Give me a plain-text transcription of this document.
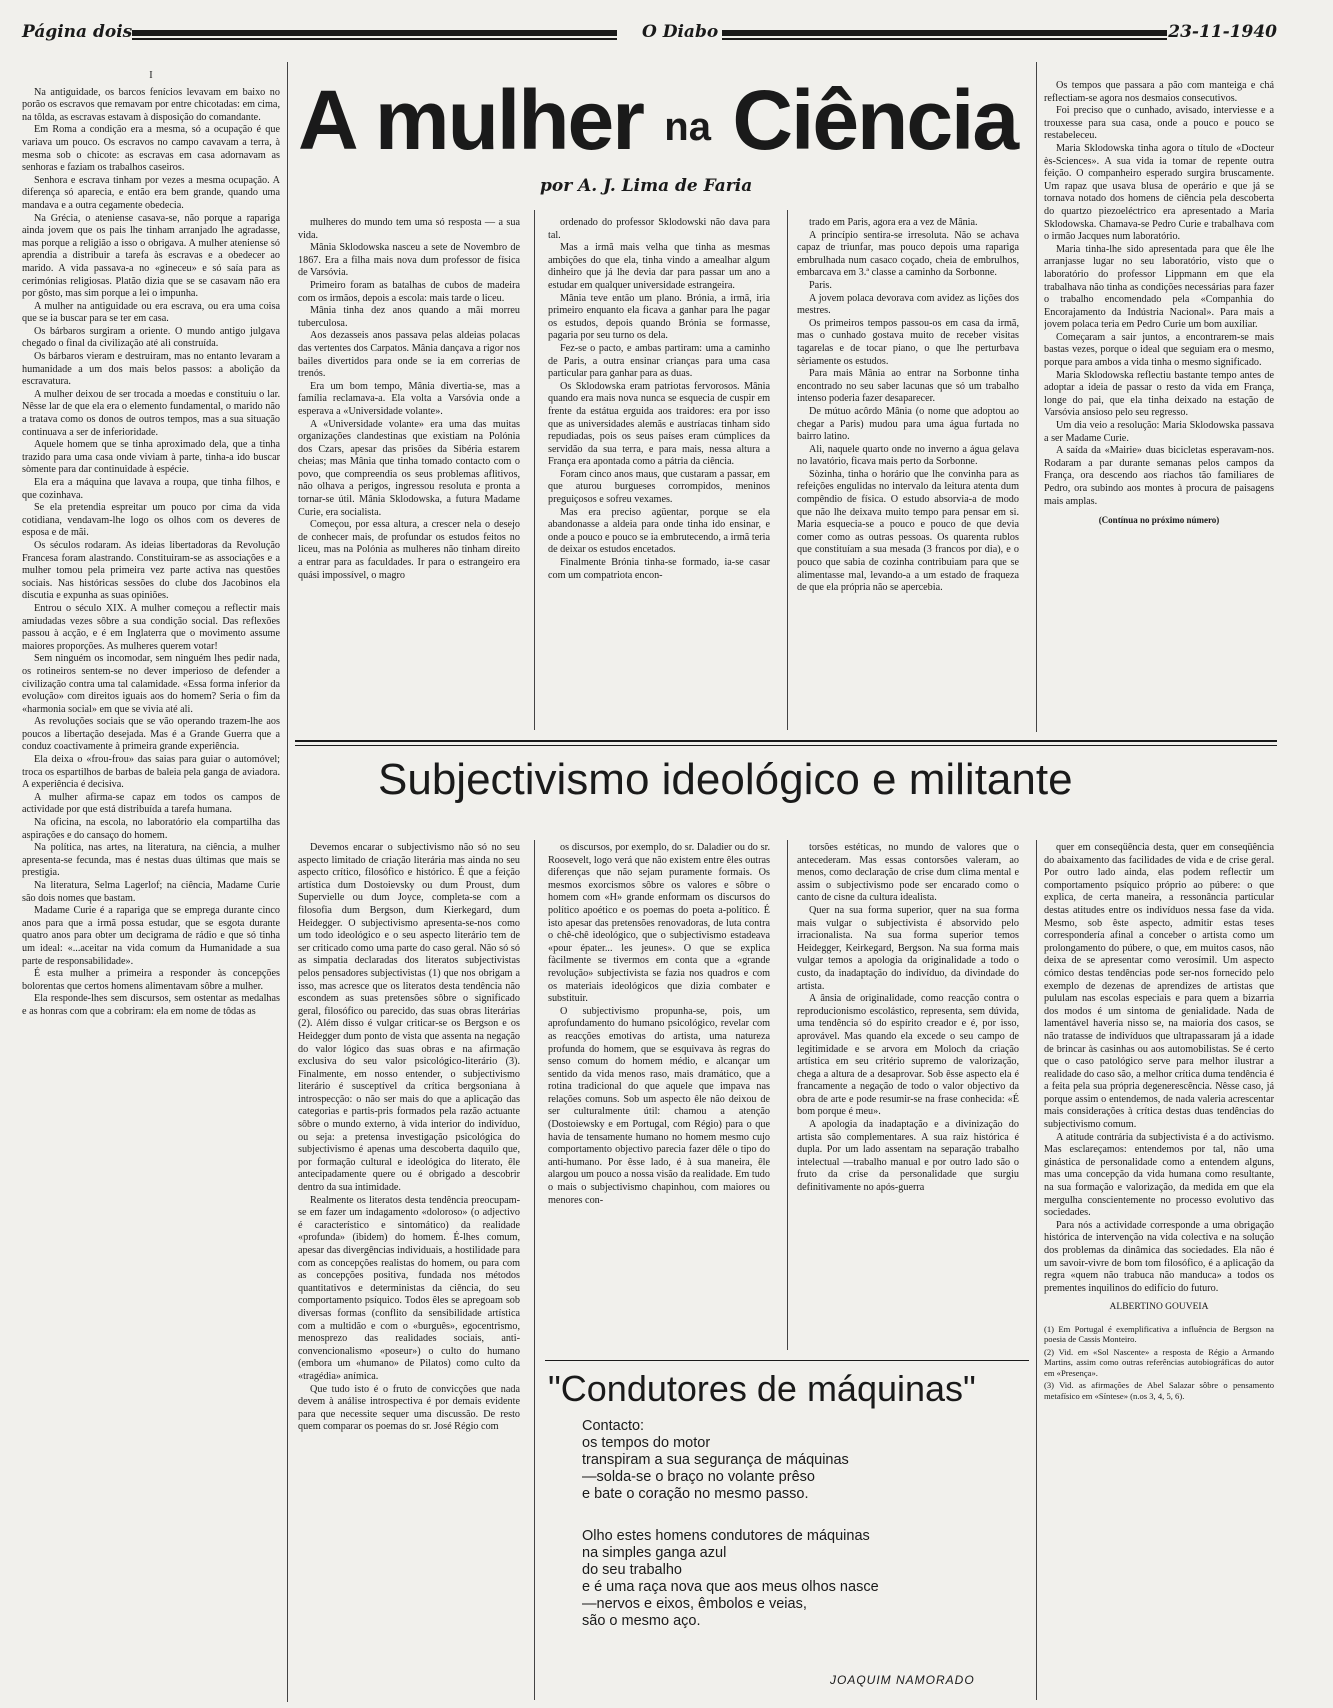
Página dois	O Diabo	23-11-1940

I

Na antiguidade, os barcos fenícios levavam em baixo no porão os escravos que remavam por entre chicotadas: em cima, na tôlda, as escravas estavam à disposição do comandante.

Em Roma a condição era a mesma, só a ocupação é que variava um pouco. Os escravos no campo cavavam a terra, à mesma sob o chicote: as escravas em casa adornavam as senhoras e faziam os trabalhos caseiros.

Senhora e escrava tinham por vezes a mesma ocupação. A diferença só aparecia, e então era bem grande, quando uma mandava e a outra cegamente obedecia.

Na Grécia, o ateniense casava-se, não porque a rapariga ainda jovem que os pais lhe tinham arranjado lhe agradasse, mas porque a religião a isso o obrigava. A mulher ateniense só aprendia a distribuir a tarefa às escravas e a obedecer ao marido. A vida passava-a no «gineceu» e só saía para as cerimónias religiosas. Platão dizia que se se casavam não era por gôsto, mas sim porque a lei o impunha.

A mulher na antiguidade ou era escrava, ou era uma coisa que se ia buscar para se ter em casa.

Os bárbaros surgiram a oriente. O mundo antigo julgava chegado o final da civilização até ali construída.

Os bárbaros vieram e destruiram, mas no entanto levaram a humanidade a um dos mais belos passos: a abolição da escravatura.

A mulher deixou de ser trocada a moedas e constituiu o lar. Nêsse lar de que ela era o elemento fundamental, o marido não a tratava como os donos de outros tempos, mas a sua situação continuava a ser de inferioridade.

Aquele homem que se tinha aproximado dela, que a tinha trazido para uma casa onde viviam à parte, tinha-a ido buscar sòmente para dar continuidade à espécie.

Ela era a máquina que lavava a roupa, que tinha filhos, e que cozinhava.

Se ela pretendia espreitar um pouco por cima da vida cotidiana, vendavam-lhe logo os olhos com os deveres de esposa e de mãi.

Os séculos rodaram. As ideias libertadoras da Revolução Francesa foram alastrando. Constituiram-se as associações e a mulher tomou pela primeira vez parte activa nas questões sociais. Nas históricas sessões do clube dos Jacobinos ela discutia e expunha as suas opiniões.

Entrou o século XIX. A mulher começou a reflectir mais amiudadas vezes sôbre a sua condição social. Das reflexões passou à acção, e é em Inglaterra que o movimento assume maiores proporções. As mulheres querem votar!

Sem ninguém os incomodar, sem ninguém lhes pedir nada, os rotineiros sentem-se no dever imperioso de defender a civilização contra uma tal calamidade. «Essa forma inferior da evolução» com direitos iguais aos do homem? Seria o fim da «harmonia social» em que se vivia até ali.

As revoluções sociais que se vão operando trazem-lhe aos poucos a libertação desejada. Mas é a Grande Guerra que a conduz coactivamente à primeira grande experiência.

Ela deixa o «frou-frou» das saias para guiar o automóvel; troca os espartilhos de barbas de baleia pela ganga de aviadora. A experiência é decisiva.

A mulher afirma-se capaz em todos os campos de actividade por que está distribuída a tarefa humana.

Na oficina, na escola, no laboratório ela compartilha das aspirações e do cansaço do homem.

Na política, nas artes, na literatura, na ciência, a mulher apresenta-se fecunda, mas é nestas duas últimas que mais se prestigia.

Na literatura, Selma Lagerlof; na ciência, Madame Curie são dois nomes que bastam.

Madame Curie é a rapariga que se emprega durante cinco anos para que a irmã possa estudar, que se esgota durante quatro anos para obter um decigrama de rádio e que só tinha um ideal: «...aceitar na vida comum da Humanidade a sua parte de responsabilidade».

É esta mulher a primeira a responder às concepções bolorentas que certos homens alimentavam sôbre a mulher.

Ela responde-lhes sem discursos, sem ostentar as medalhas e as honras com que a cobriram: ela em nome de tôdas as

A mulher na Ciência
por A. J. Lima de Faria

mulheres do mundo tem uma só resposta — a sua vida.

Mânia Sklodowska nasceu a sete de Novembro de 1867. Era a filha mais nova dum professor de física de Varsóvia.

Primeiro foram as batalhas de cubos de madeira com os irmãos, depois a escola: mais tarde o liceu.

Mânia tinha dez anos quando a mãi morreu tuberculosa.

Aos dezasseis anos passava pelas aldeias polacas das vertentes dos Carpatos. Mânia dançava a rigor nos bailes divertidos para onde se ia em correrias de trenós.

Era um bom tempo, Mânia divertia-se, mas a família reclamava-a. Ela volta a Varsóvia onde a esperava a «Universidade volante».

A «Universidade volante» era uma das muitas organizações clandestinas que existiam na Polónia dos Czars, apesar das prisões da Sibéria estarem cheias; mas Mânia que tinha tomado contacto com o povo, que compreendia os seus problemas aflitivos, não olhava a perigos, ingressou resoluta e pronta a tornar-se útil. Mânia Sklodowska, a futura Madame Curie, era socialista.

Começou, por essa altura, a crescer nela o desejo de conhecer mais, de profundar os estudos feitos no liceu, mas na Polónia as mulheres não tinham direito a entrar para as faculdades. Ir para o estrangeiro era quási impossível, o magro

ordenado do professor Sklodowski não dava para tal.

Mas a irmã mais velha que tinha as mesmas ambições do que ela, tinha vindo a amealhar algum dinheiro que já lhe devia dar para passar um ano a estudar em qualquer universidade estrangeira.

Mânia teve então um plano. Brónia, a irmã, iria primeiro enquanto ela ficava a ganhar para lhe pagar os estudos, depois quando Brónia se formasse, pagaria por seu turno os dela.

Fez-se o pacto, e ambas partiram: uma a caminho de Paris, a outra ensinar crianças para uma casa particular para ganhar para as duas.

Os Sklodowska eram patriotas fervorosos. Mânia quando era mais nova nunca se esquecia de cuspir em frente da estátua erguida aos traidores: era por isso que as universidades alemãs e austríacas tinham sido repudiadas, pois os seus países eram cúmplices da servidão da sua terra, e para mais, nessa altura a França era apontada como a pátria da ciência.

Foram cinco anos maus, que custaram a passar, em que aturou burgueses corrompidos, meninos preguiçosos e sofreu vexames.

Mas era preciso agüentar, porque se ela abandonasse a aldeia para onde tinha ido ensinar, e onde a pouco e pouco se ia embrutecendo, a irmã teria de deixar os estudos encetados.

Finalmente Brónia tinha-se formado, ia-se casar com um compatriota encon-

trado em Paris, agora era a vez de Mânia.

A princípio sentira-se irresoluta. Não se achava capaz de triunfar, mas pouco depois uma rapariga embrulhada num casaco coçado, cheia de embrulhos, embarcava em 3.ª classe a caminho da Sorbonne.

Paris.

A jovem polaca devorava com avidez as lições dos mestres.

Os primeiros tempos passou-os em casa da irmã, mas o cunhado gostava muito de receber visitas tagarelas e de tocar piano, o que lhe perturbava sèriamente os estudos.

Para mais Mânia ao entrar na Sorbonne tinha encontrado no seu saber lacunas que só um trabalho intenso poderia fazer desaparecer.

De mútuo acôrdo Mânia (o nome que adoptou ao chegar a Paris) mudou para uma água furtada no bairro latino.

Ali, naquele quarto onde no inverno a água gelava no lavatório, ficava mais perto da Sorbonne.

Sòzinha, tinha o horário que lhe convinha para as refeições engulidas no intervalo da leitura atenta dum compêndio de física. O estudo absorvia-a de modo que não lhe deixava muito tempo para pensar em si. Maria esquecia-se a pouco e pouco de que devia comer como as outras pessoas. Os quarenta rublos que constituíam a sua mesada (3 francos por dia), e o pouco que sabia de cozinha contribuiam para que se alimentasse mal, levando-a a um estado de fraqueza de que ela própria não se apercebia.

Os tempos que passara a pão com manteiga e chá reflectiam-se agora nos desmaios consecutivos.

Foi preciso que o cunhado, avisado, interviesse e a trouxesse para sua casa, onde a pouco e pouco se restabeleceu.

Maria Sklodowska tinha agora o título de «Docteur ès-Sciences». A sua vida ia tomar de repente outra feição. O companheiro esperado surgira bruscamente. Um rapaz que usava blusa de operário e que já se tornava notado dos homens de ciência pela descoberta do quartzo piezoeléctrico era apresentado a Maria Sklodowska. Chamava-se Pedro Curie e trabalhava com o irmão Jacques num laboratório.

Maria tinha-lhe sido apresentada para que êle lhe arranjasse lugar no seu laboratório, visto que o laboratório do professor Lippmann em que ela trabalhava não tinha as condições necessárias para fazer o trabalho encomendado pela «Companhia do Encorajamento da Indústria Nacional». Para mais a jovem polaca teria em Pedro Curie um bom auxiliar.

Começaram a sair juntos, a encontrarem-se mais bastas vezes, porque o ideal que seguiam era o mesmo, porque para ambos a vida tinha o mesmo significado.

Maria Sklodowska reflectiu bastante tempo antes de adoptar a ideia de passar o resto da vida em França, longe do pai, que ela tinha deixado na estação de Varsóvia ansioso pelo seu regresso.

Um dia veio a resolução: Maria Sklodowska passava a ser Madame Curie.

A saída da «Mairie» duas bicicletas esperavam-nos. Rodaram a par durante semanas pelos campos da França, ora descendo aos riachos tão familiares de Pedro, ora subindo aos montes à procura de paisagens mais amplas.

(Contínua no próximo número)

Subjectivismo ideológico e militante

Devemos encarar o subjectivismo não só no seu aspecto limitado de criação literária mas ainda no seu aspecto crítico, filosófico e histórico. É que a feição artística dum Dostoievsky ou dum Proust, dum Supervielle ou dum Joyce, completa-se com a filosofia dum Bergson, dum Kierkegard, dum Heidegger. O subjectivismo apresenta-se-nos como um todo ideológico e o seu aspecto literário tem de ser criticado como uma parte do caso geral. Não só só as simpatia declaradas dos literatos subjectivistas pelos pensadores subjectivistas (1) que nos obrigam a isso, mas acresce que os literatos desta tendência não escondem as suas pretensões sôbre o significado geral, filosófico ou parecido, das suas obras literárias (2). Além disso é vulgar criticar-se os Bergson e os Heidegger dum ponto de vista que assenta na negação do valor lógico das suas obras e na afirmação exclusiva do seu valor psicológico-literário (3). Finalmente, em nosso entender, o subjectivismo literário é susceptível da crítica bergsoniana à introspecção: o não ser mais do que a aplicação das categorias e partis-pris formados pela razão actuante sôbre o mundo externo, à vida interior do indivíduo, ou seja: a pretensa investigação psicológica do subjectivismo é apenas uma descoberta daquilo que, por formação cultural e ideológica do literato, êle antecipadamente quere ou é obrigado a descobrir dentro da sua intimidade.

Realmente os literatos desta tendência preocupam-se em fazer um indagamento «doloroso» (o adjectivo é característico e sintomático) da realidade «profunda» (ibidem) do homem. É-lhes comum, apesar das divergências individuais, a hostilidade para com as concepções realistas do homem, ou para com as concepções positiva, fundada nos métodos quantitativos e deterministas da ciência, do seu comportamento psíquico. Todos êles se apregoam sob diversas formas (conflito da sensibilidade artística com a multidão e com o «burguês», egocentrismo, menosprezo das realidades sociais, anti-convencionalismo «poseur») o culto do humano (embora um «humano» de Pilatos) como culto da «tragédia» anímica.

Que tudo isto é o fruto de convicções que nada devem à análise introspectiva é por demais evidente para que necessite sequer uma discussão. De resto quem comparar os poemas do sr. José Régio com

os discursos, por exemplo, do sr. Daladier ou do sr. Roosevelt, logo verá que não existem entre êles outras diferenças que não sejam puramente formais. Os mesmos exorcismos sôbre os valores e sôbre o homem com «H» grande enformam os discursos do político apoético e os poemas do poeta a-político. É isto apesar das pretensões renovadoras, de luta contra o chê-chê ideológico, que o subjectivismo estadeava «pour épater... les jeunes». O que se explica fàcilmente se tivermos em conta que a «grande revolução» subjectivista se fazia nos quadros e com os materiais ideológicos que dizia combater e substituir.

O subjectivismo propunha-se, pois, um aprofundamento do humano psicológico, revelar com as reacções emotivas do artista, uma natureza profunda do homem, que se esquivava às regras do senso comum do homem médio, e alcançar um sentido da vida menos raso, mais dramático, que a rotina tradicional do que aquele que impava nas relações comuns. Sob um aspecto êle não deixou de ser culturalmente útil: chamou a atenção (Dostoiewsky e em Portugal, com Régio) para o que havia de tensamente humano no homem mesmo cujo comportamento objectivo parecia fazer dêle o tipo do anti-humano. Por êsse lado, é à sua maneira, êle alargou um pouco a nossa visão da realidade. Em tudo o mais o subjectivismo chapinhou, com maiores ou menores con-

torsões estéticas, no mundo de valores que o antecederam. Mas essas contorsões valeram, ao menos, como declaração de crise dum clima mental e assim o subjectivismo pode ser encarado como o canto de cisne da cultura idealista.

Quer na sua forma superior, quer na sua forma mais vulgar o subjectivista é absorvido pelo irracionalista. Na sua forma superior temos Heidegger, Keirkegard, Bergson. Na sua forma mais vulgar temos a apologia da originalidade a todo o custo, da inadaptação do indivíduo, da divindade do artista.

A ânsia de originalidade, como reacção contra o reproducionismo escolástico, representa, sem dúvida, uma tendência só do espírito creador e é, por isso, aprovável. Mas quando ela excede o seu campo de legitimidade e se arvora em Moloch da criação artística em seu critério supremo de valorização, chega a altura de a desaprovar. Sob êsse aspecto ela é francamente a negação de todo o valor objectivo da obra de arte e pode resumir-se na frase conhecida: «É bom porque é meu».

A apologia da inadaptação e a divinização do artista são complementares. A sua raiz histórica é dupla. Por um lado assentam na separação trabalho intelectual —trabalho manual e por outro lado são o fruto da crise da personalidade que surgiu definitivamente no após-guerra

quer em conseqüência desta, quer em conseqüência do abaixamento das facilidades de vida e de crise geral. Por outro lado ainda, elas podem reflectir um comportamento psíquico próprio ao púbere: o que explica, de certa maneira, a ressonância particular destas atitudes entre os indivíduos nessa fase da vida. Mesmo, sob êste aspecto, admitir estas teses correspondería afinal a conceber o artista como um prolongamento do púbere, o que, em muitos casos, não deixa de se apresentar como verosímil. Um aspecto cómico destas tendências pode ser-nos fornecido pelo exemplo de dezenas de aprendizes de artistas que pululam nas escolas especiais e para quem a bizarria dos modos é um sintoma de genialidade. Nada de lamentável haveria nisso se, na maioria dos casos, se não tratasse de indivíduos que ultrapassaram já a idade de brincar às casinhas ou aos automobilistas. Se é certo que o caso patológico serve para melhor ilustrar a realidade do caso são, a melhor crítica duma tendência é a feita pela sua própria degenerescência. Nêsse caso, já porque assim o entendemos, de nada valeria acrescentar mais considerações à crítica destas duas tendências do subjectivismo comum.

A atitude contrária da subjectivista é a do activismo. Mas esclareçamos: entendemos por tal, não uma ginástica de personalidade como a entendem alguns, mas uma concepção da vida humana como resultante, na sua formação e valorização, da medida em que ela mergulha conscientemente no processo evolutivo das sociedades.

Para nós a actividade corresponde a uma obrigação histórica de intervenção na vida colectiva e na solução dos problemas da dinâmica das sociedades. Ela não é um savoir-vivre de bom tom filosófico, é a aplicação da regra «quem não trabuca não manduca» a todos os prementes inquilinos do edifício do futuro.

ALBERTINO GOUVEIA

(1) Em Portugal é exemplificativa a influência de Bergson na poesia de Cassis Monteiro.

(2) Vid. em «Sol Nascente» a resposta de Régio a Armando Martins, assim como outras referências autobiográficas do autor em «Presença».

(3) Vid. as afirmações de Abel Salazar sôbre o pensamento metafísico em «Síntese» (n.os 3, 4, 5, 6).

"Condutores de máquinas"
Contacto:
os tempos do motor
transpiram a sua segurança de máquinas
—solda-se o braço no volante prêso
e bate o coração no mesmo passo.
Olho estes homens condutores de máquinas
na simples ganga azul
do seu trabalho
e é uma raça nova que aos meus olhos nasce
—nervos e eixos, êmbolos e veias,
são o mesmo aço.
JOAQUIM NAMORADO
